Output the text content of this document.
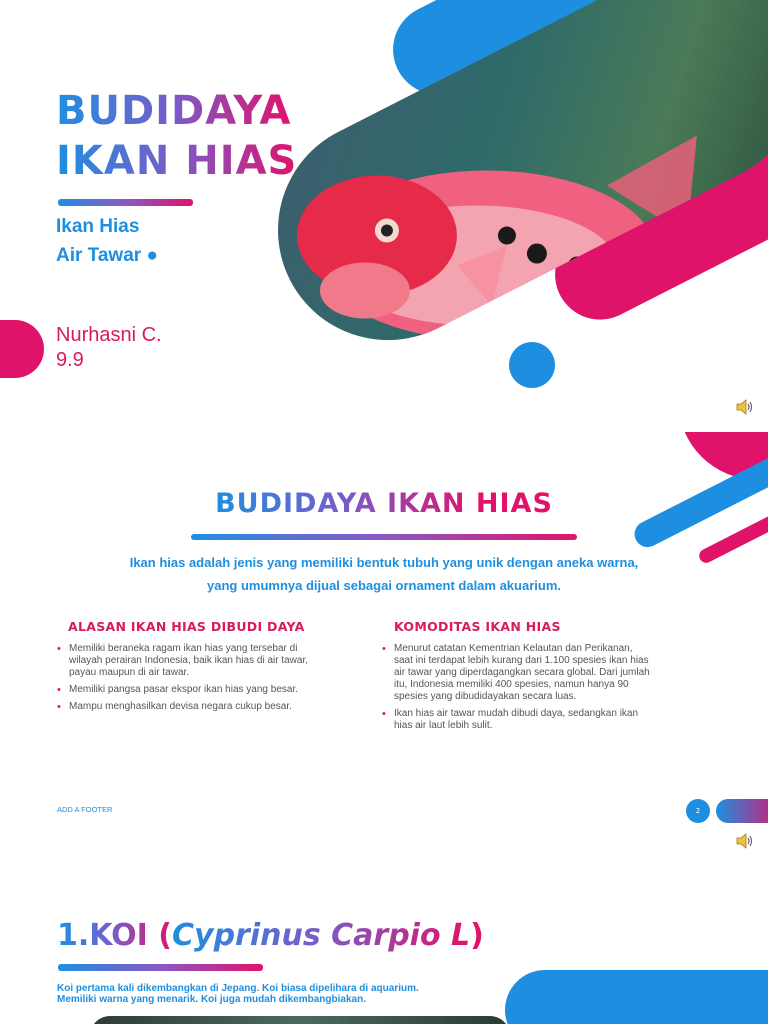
BUDIDAYA
IKAN HIAS
Ikan Hias
Air Tawar ●
Nurhasni C.
9.9
BUDIDAYA IKAN HIAS
Ikan hias adalah jenis yang memiliki bentuk tubuh yang unik dengan aneka warna,
yang umumnya dijual sebagai ornament dalam akuarium.
ALASAN IKAN HIAS DIBUDI DAYA
• Memiliki beraneka ragam ikan hias yang tersebar di wilayah perairan Indonesia, baik ikan hias di air tawar, payau maupun di air tawar.
• Memiliki pangsa pasar ekspor ikan hias yang besar.
• Mampu menghasilkan devisa negara cukup besar.
KOMODITAS IKAN HIAS
• Menurut catatan Kementrian Kelautan dan Perikanan, saat ini terdapat lebih kurang dari 1.100 spesies ikan hias air tawar yang diperdagangkan secara global. Dari jumlah itu, Indonesia memiliki 400 spesies, namun hanya 90 spesies yang dibudidayakan secara luas.
• Ikan hias air tawar mudah dibudi daya, sedangkan ikan hias air laut lebih sulit.
ADD A FOOTER	2
1.KOI (Cyprinus Carpio L)
Koi pertama kali dikembangkan di Jepang. Koi biasa dipelihara di aquarium.
Memiliki warna yang menarik. Koi juga mudah dikembangbiakan.
